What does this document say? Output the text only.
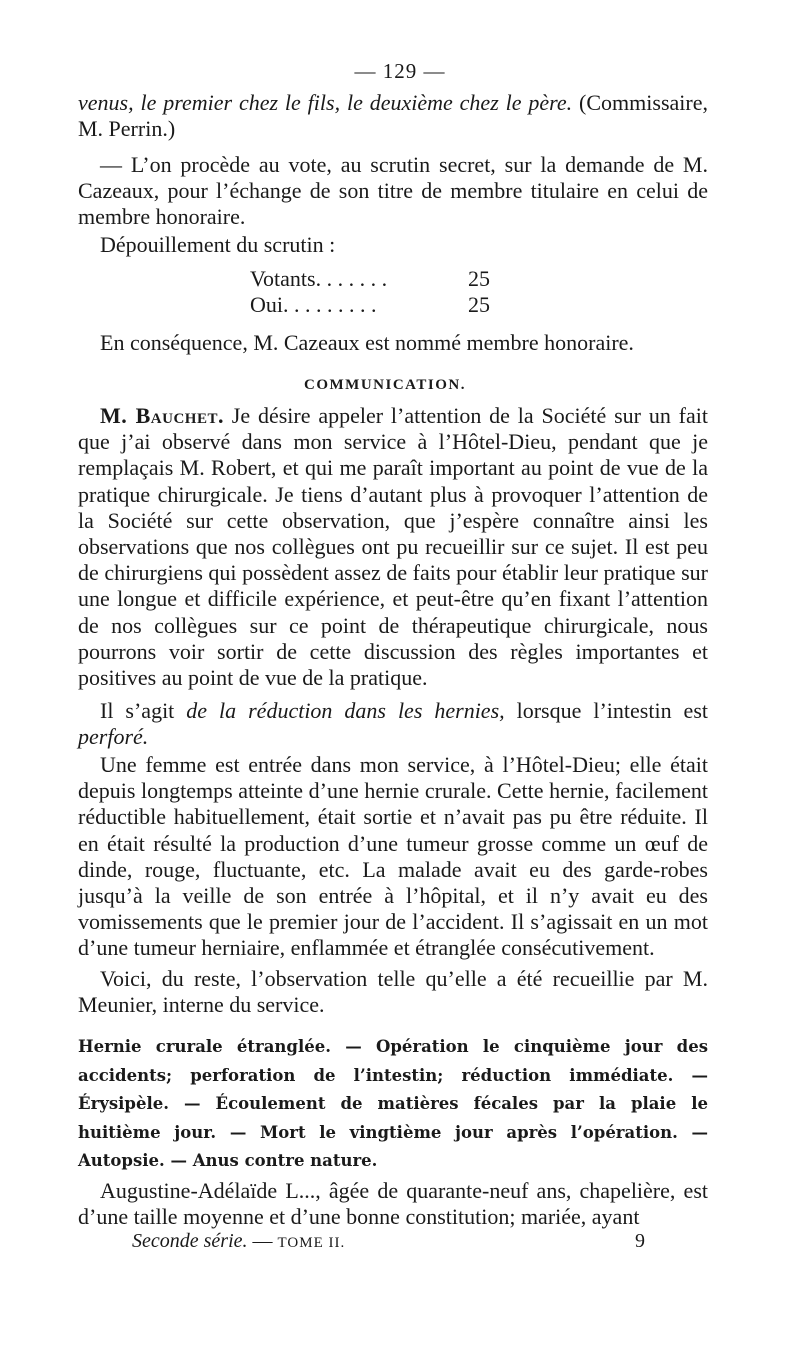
— 129 —

venus, le premier chez le fils, le deuxième chez le père. (Commissaire, M. Perrin.)

— L’on procède au vote, au scrutin secret, sur la demande de M. Cazeaux, pour l’échange de son titre de membre titulaire en celui de membre honoraire.

Dépouillement du scrutin :

Votants. . . . . . .	25
Oui. . . . . . . . .	25

En conséquence, M. Cazeaux est nommé membre honoraire.

COMMUNICATION.

M. Bauchet. Je désire appeler l’attention de la Société sur un fait que j’ai observé dans mon service à l’Hôtel-Dieu, pendant que je remplaçais M. Robert, et qui me paraît important au point de vue de la pratique chirurgicale. Je tiens d’autant plus à provoquer l’attention de la Société sur cette observation, que j’espère connaître ainsi les observations que nos collègues ont pu recueillir sur ce sujet. Il est peu de chirurgiens qui possèdent assez de faits pour établir leur pratique sur une longue et difficile expérience, et peut-être qu’en fixant l’attention de nos collègues sur ce point de thérapeutique chirurgicale, nous pourrons voir sortir de cette discussion des règles importantes et positives au point de vue de la pratique.

Il s’agit de la réduction dans les hernies, lorsque l’intestin est perforé.

Une femme est entrée dans mon service, à l’Hôtel-Dieu; elle était depuis longtemps atteinte d’une hernie crurale. Cette hernie, facilement réductible habituellement, était sortie et n’avait pas pu être réduite. Il en était résulté la production d’une tumeur grosse comme un œuf de dinde, rouge, fluctuante, etc. La malade avait eu des garde-robes jusqu’à la veille de son entrée à l’hôpital, et il n’y avait eu des vomissements que le premier jour de l’accident. Il s’agissait en un mot d’une tumeur herniaire, enflammée et étranglée consécutivement.

Voici, du reste, l’observation telle qu’elle a été recueillie par M. Meunier, interne du service.

Hernie crurale étranglée. — Opération le cinquième jour des accidents; perforation de l’intestin; réduction immédiate. — Érysipèle. — Écoulement de matières fécales par la plaie le huitième jour. — Mort le vingtième jour après l’opération. — Autopsie. — Anus contre nature.

Augustine-Adélaïde L..., âgée de quarante-neuf ans, chapelière, est d’une taille moyenne et d’une bonne constitution; mariée, ayant

Seconde série. — TOME II.	9
